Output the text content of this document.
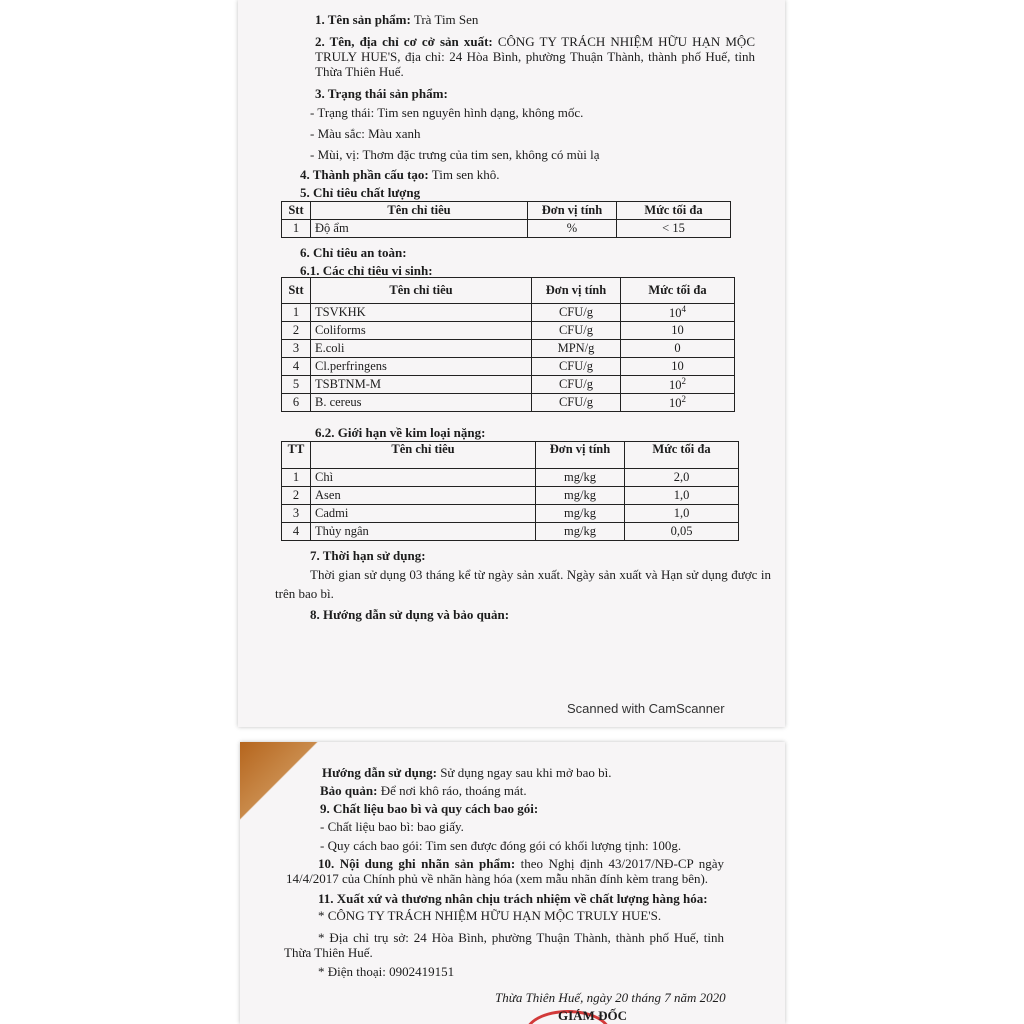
1. Tên sản phẩm: Trà Tim Sen
2. Tên, địa chỉ cơ cở sản xuất: CÔNG TY TRÁCH NHIỆM HỮU HẠN MỘC TRULY HUE'S, địa chỉ: 24 Hòa Bình, phường Thuận Thành, thành phố Huế, tỉnh Thừa Thiên Huế.
3. Trạng thái sản phẩm:
- Trạng thái: Tim sen nguyên hình dạng, không mốc.
- Màu sắc: Màu xanh
- Mùi, vị: Thơm đặc trưng của tim sen, không có mùi lạ
4. Thành phần cấu tạo: Tim sen khô.
5. Chỉ tiêu chất lượng
Stt	Tên chỉ tiêu	Đơn vị tính	Mức tối đa
1	Độ ẩm	%	< 15
6. Chỉ tiêu an toàn:
6.1. Các chỉ tiêu vi sinh:
Stt	Tên chỉ tiêu	Đơn vị tính	Mức tối đa
1	TSVKHK	CFU/g	$10^4$
2	Coliforms	CFU/g	10
3	E.coli	MPN/g	0
4	Cl.perfringens	CFU/g	10
5	TSBTNM-M	CFU/g	$10^2$
6	B. cereus	CFU/g	$10^2$
6.2. Giới hạn về kim loại nặng:
TT	Tên chỉ tiêu	Đơn vị tính	Mức tối đa
1	Chì	mg/kg	2,0
2	Asen	mg/kg	1,0
3	Cadmi	mg/kg	1,0
4	Thủy ngân	mg/kg	0,05
7. Thời hạn sử dụng:
Thời gian sử dụng 03 tháng kể từ ngày sản xuất. Ngày sản xuất và Hạn sử dụng được in trên bao bì.
8. Hướng dẫn sử dụng và bảo quản:
Scanned with CamScanner
Hướng dẫn sử dụng: Sử dụng ngay sau khi mở bao bì.
Bảo quản: Để nơi khô ráo, thoáng mát.
9. Chất liệu bao bì và quy cách bao gói:
- Chất liệu bao bì: bao giấy.
- Quy cách bao gói: Tim sen được đóng gói có khối lượng tịnh: 100g.
10. Nội dung ghi nhãn sản phẩm: theo Nghị định 43/2017/NĐ-CP ngày 14/4/2017 của Chính phủ về nhãn hàng hóa (xem mẫu nhãn đính kèm trang bên).
11. Xuất xứ và thương nhân chịu trách nhiệm về chất lượng hàng hóa:
* CÔNG TY TRÁCH NHIỆM HỮU HẠN MỘC TRULY HUE'S.
* Địa chỉ trụ sở: 24 Hòa Bình, phường Thuận Thành, thành phố Huế, tỉnh Thừa Thiên Huế.
* Điện thoại: 0902419151
Thừa Thiên Huế, ngày 20 tháng 7 năm 2020
GIÁM ĐỐC
